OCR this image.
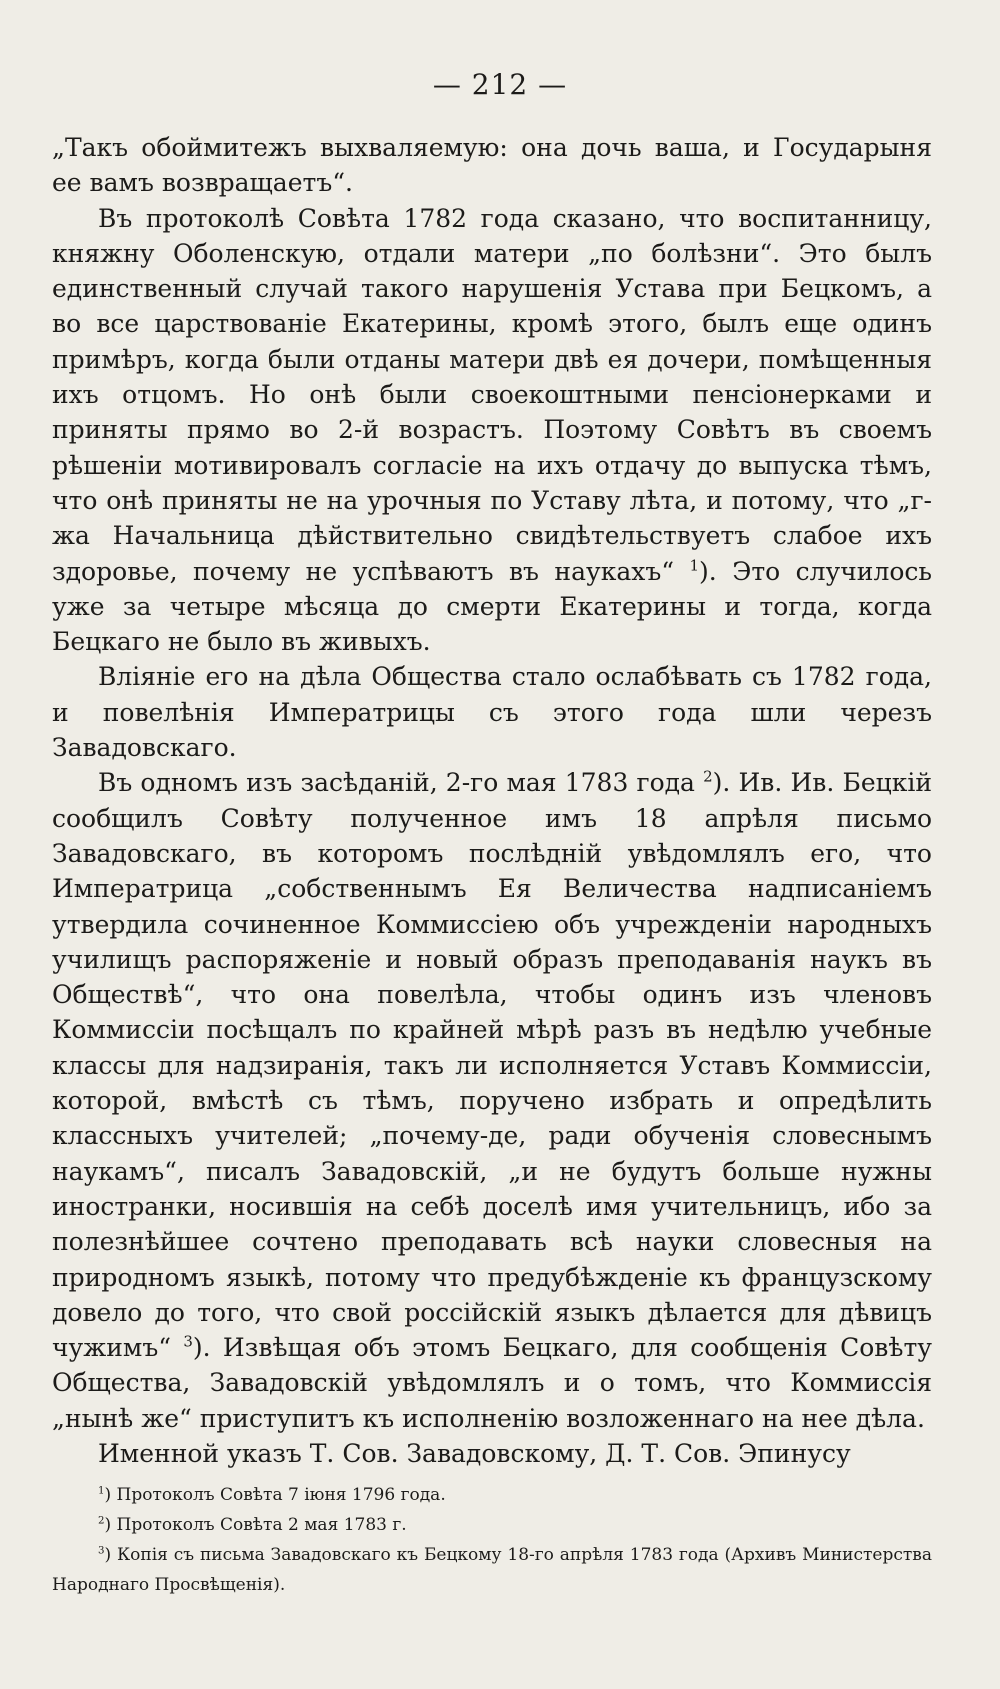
— 212 —

„Такъ обоймитежъ выхваляемую: она дочь ваша, и Государыня ее вамъ возвращаетъ“.

Въ протоколѣ Совѣта 1782 года сказано, что воспитанницу, княжну Оболенскую, отдали матери „по болѣзни“. Это былъ единственный случай такого нарушенія Устава при Бецкомъ, а во все царствованіе Екатерины, кромѣ этого, былъ еще одинъ примѣръ, когда были отданы матери двѣ ея дочери, помѣщенныя ихъ отцомъ. Но онѣ были своекоштными пенсіонерками и приняты прямо во 2-й возрастъ. Поэтому Совѣтъ въ своемъ рѣшеніи мотивировалъ согласіе на ихъ отдачу до выпуска тѣмъ, что онѣ приняты не на урочныя по Уставу лѣта, и потому, что „г-жа Начальница дѣйствительно свидѣтельствуетъ слабое ихъ здоровье, почему не успѣваютъ въ наукахъ“ $^1$). Это случилось уже за четыре мѣсяца до смерти Екатерины и тогда, когда Бецкаго не было въ живыхъ.

Вліяніе его на дѣла Общества стало ослабѣвать съ 1782 года, и повелѣнія Императрицы съ этого года шли черезъ Завадовскаго.

Въ одномъ изъ засѣданій, 2-го мая 1783 года $^2$). Ив. Ив. Бецкій сообщилъ Совѣту полученное имъ 18 апрѣля письмо Завадовскаго, въ которомъ послѣдній увѣдомлялъ его, что Императрица „собственнымъ Ея Величества надписаніемъ утвердила сочиненное Коммиссіею объ учрежденіи народныхъ училищъ распоряженіе и новый образъ преподаванія наукъ въ Обществѣ“, что она повелѣла, чтобы одинъ изъ членовъ Коммиссіи посѣщалъ по крайней мѣрѣ разъ въ недѣлю учебные классы для надзиранія, такъ ли исполняется Уставъ Коммиссіи, которой, вмѣстѣ съ тѣмъ, поручено избрать и опредѣлить классныхъ учителей; „почему-де, ради обученія словеснымъ наукамъ“, писалъ Завадовскій, „и не будутъ больше нужны иностранки, носившія на себѣ доселѣ имя учительницъ, ибо за полезнѣйшее сочтено преподавать всѣ науки словесныя на природномъ языкѣ, потому что предубѣжденіе къ французскому довело до того, что свой россійскій языкъ дѣлается для дѣвицъ чужимъ“ $^3$). Извѣщая объ этомъ Бецкаго, для сообщенія Совѣту Общества, Завадовскій увѣдомлялъ и о томъ, что Коммиссія „нынѣ же“ приступитъ къ исполненію возложеннаго на нее дѣла.

Именной указъ Т. Сов. Завадовскому, Д. Т. Сов. Эпинусу

$^1$) Протоколъ Совѣта 7 іюня 1796 года.

$^2$) Протоколъ Совѣта 2 мая 1783 г.

$^3$) Копія съ письма Завадовскаго къ Бецкому 18-го апрѣля 1783 года (Архивъ Министерства Народнаго Просвѣщенія).
